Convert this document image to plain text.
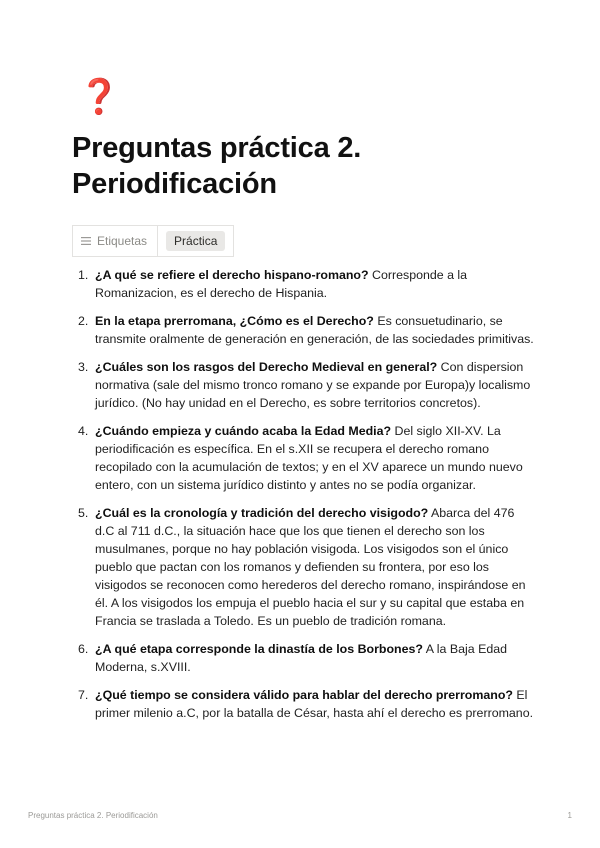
❓
Preguntas práctica 2. Periodificación
Etiquetas	Práctica
1. ¿A qué se refiere el derecho hispano-romano? Corresponde a la Romanizacion, es el derecho de Hispania.
2. En la etapa prerromana, ¿Cómo es el Derecho? Es consuetudinario, se transmite oralmente de generación en generación, de las sociedades primitivas.
3. ¿Cuáles son los rasgos del Derecho Medieval en general? Con dispersion normativa (sale del mismo tronco romano y se expande por Europa)y localismo jurídico. (No hay unidad en el Derecho, es sobre territorios concretos).
4. ¿Cuándo empieza y cuándo acaba la Edad Media? Del siglo XII-XV. La periodificación es específica. En el s.XII se recupera el derecho romano recopilado con la acumulación de textos; y en el XV aparece un mundo nuevo entero, con un sistema jurídico distinto y antes no se podía organizar.
5. ¿Cuál es la cronología y tradición del derecho visigodo? Abarca del 476 d.C al 711 d.C., la situación hace que los que tienen el derecho son los musulmanes, porque no hay población visigoda. Los visigodos son el único pueblo que pactan con los romanos y defienden su frontera, por eso los visigodos se reconocen como herederos del derecho romano, inspirándose en él. A los visigodos los empuja el pueblo hacia el sur y su capital que estaba en Francia se traslada a Toledo. Es un pueblo de tradición romana.
6. ¿A qué etapa corresponde la dinastía de los Borbones? A la Baja Edad Moderna, s.XVIII.
7. ¿Qué tiempo se considera válido para hablar del derecho prerromano? El primer milenio a.C, por la batalla de César, hasta ahí el derecho es prerromano.
Preguntas práctica 2. Periodificación	1
